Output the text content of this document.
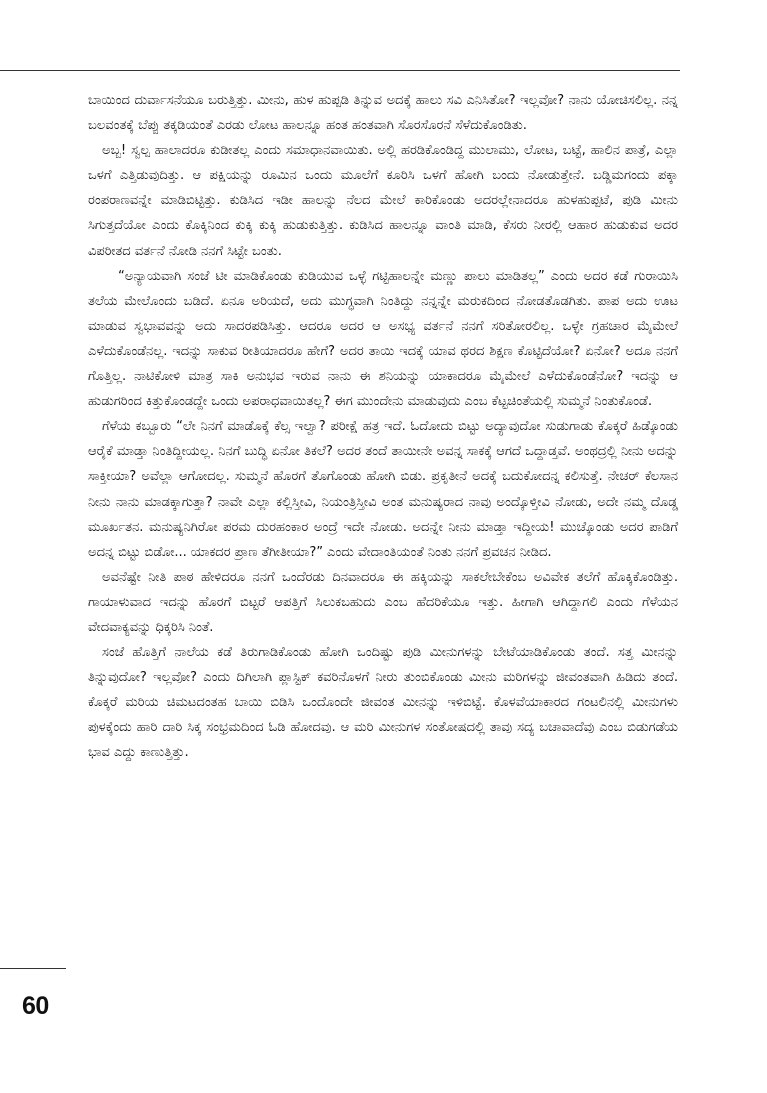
ಬಾಯಿಂದ ದುರ್ವಾಸನೆಯೂ ಬರುತ್ತಿತ್ತು. ಮೀನು, ಹುಳ ಹುಪ್ಪಡಿ ತಿನ್ನುವ ಅದಕ್ಕೆ ಹಾಲು ಸವಿ ಎನಿಸಿತೋ? ಇಲ್ಲವೋ? ನಾನು ಯೋಚಿಸಲಿಲ್ಲ. ನನ್ನ ಬಲವಂತಕ್ಕೆ ಬೆಪ್ಪು ತಕ್ಕಡಿಯಂತೆ ಎರಡು ಲೋಟ ಹಾಲನ್ನೂ ಹಂತ ಹಂತವಾಗಿ ಸೊರಸೊರನೆ ಸೆಳೆದುಕೊಂಡಿತು.

ಅಬ್ಬ! ಸ್ವಲ್ಪ ಹಾಲಾದರೂ ಕುಡೀತಲ್ಲ ಎಂದು ಸಮಾಧಾನವಾಯಿತು. ಅಲ್ಲಿ ಹರಡಿಕೊಂಡಿದ್ದ ಮುಲಾಮು, ಲೋಟ, ಬಟ್ಟೆ, ಹಾಲಿನ ಪಾತ್ರೆ, ಎಲ್ಲಾ ಒಳಗೆ ಎತ್ತಿಡುವುದಿತ್ತು. ಆ ಪಕ್ಷಿಯನ್ನು ರೂಮಿನ ಒಂದು ಮೂಲೆಗೆ ಕೂರಿಸಿ ಒಳಗೆ ಹೋಗಿ ಬಂದು ನೋಡುತ್ತೇನೆ. ಬಡ್ಡಿಮಗಂದು ಪಕ್ಕಾ ರಂಪರಾಣವನ್ನೇ ಮಾಡಿಬಿಟ್ಟಿತ್ತು. ಕುಡಿಸಿದ ಇಡೀ ಹಾಲನ್ನು ನೆಲದ ಮೇಲೆ ಕಾರಿಕೊಂಡು ಅದರಲ್ಲೇನಾದರೂ ಹುಳಹುಪ್ಪಟೆ, ಪುಡಿ ಮೀನು ಸಿಗುತ್ತದೆಯೋ ಎಂದು ಕೊಕ್ಕಿನಿಂದ ಕುಕ್ಕಿ ಕುಕ್ಕಿ ಹುಡುಕುತ್ತಿತ್ತು. ಕುಡಿಸಿದ ಹಾಲನ್ನೂ ವಾಂತಿ ಮಾಡಿ, ಕೆಸರು ನೀರಲ್ಲಿ ಆಹಾರ ಹುಡುಕುವ ಅದರ ವಿಪರೀತದ ವರ್ತನೆ ನೋಡಿ ನನಗೆ ಸಿಟ್ಟೇ ಬಂತು.

“ಅನ್ಯಾಯವಾಗಿ ಸಂಜೆ ಟೀ ಮಾಡಿಕೊಂಡು ಕುಡಿಯುವ ಒಳ್ಳೆ ಗಟ್ಟಿಹಾಲನ್ನೇ ಮಣ್ಣು ಪಾಲು ಮಾಡಿತಲ್ಲ” ಎಂದು ಅದರ ಕಡೆ ಗುರಾಯಿಸಿ ತಲೆಯ ಮೇಲೊಂದು ಬಡಿದೆ. ಏನೂ ಅರಿಯದೆ, ಅದು ಮುಗ್ಧವಾಗಿ ನಿಂತಿದ್ದು ನನ್ನನ್ನೇ ಮರುಕದಿಂದ ನೋಡತೊಡಗಿತು. ಪಾಪ ಅದು ಊಟ ಮಾಡುವ ಸ್ವಭಾವವನ್ನು ಅದು ಸಾದರಪಡಿಸಿತ್ತು. ಆದರೂ ಅದರ ಆ ಅಸಭ್ಯ ವರ್ತನೆ ನನಗೆ ಸರಿತೋರಲಿಲ್ಲ. ಒಳ್ಳೇ ಗ್ರಹಚಾರ ಮೈಮೇಲೆ ಎಳೆದುಕೊಂಡೆನಲ್ಲ. ಇದನ್ನು ಸಾಕುವ ರೀತಿಯಾದರೂ ಹೇಗೆ? ಅದರ ತಾಯಿ ಇದಕ್ಕೆ ಯಾವ ಥರದ ಶಿಕ್ಷಣ ಕೊಟ್ಟಿದೆಯೋ? ಏನೋ? ಅದೂ ನನಗೆ ಗೊತ್ತಿಲ್ಲ. ನಾಟಿಕೋಳಿ ಮಾತ್ರ ಸಾಕಿ ಅನುಭವ ಇರುವ ನಾನು ಈ ಶನಿಯನ್ನು ಯಾಕಾದರೂ ಮೈಮೇಲೆ ಎಳೆದುಕೊಂಡೆನೋ? ಇದನ್ನು ಆ ಹುಡುಗರಿಂದ ಕಿತ್ತುಕೊಂಡದ್ದೇ ಒಂದು ಅಪರಾಧವಾಯಿತಲ್ಲ? ಈಗ ಮುಂದೇನು ಮಾಡುವುದು ಎಂಬ ಕೆಟ್ಟಚಿಂತೆಯಲ್ಲಿ ಸುಮ್ಮನೆ ನಿಂತುಕೊಂಡೆ.

ಗೆಳೆಯ ಕಬ್ಬೂರು “ಲೇ ನಿನಗೆ ಮಾಡೊಕ್ಕೆ ಕೆಲ್ಸ ಇಲ್ವಾ? ಪರೀಕ್ಷೆ ಹತ್ರ ಇದೆ. ಓದೋದು ಬಿಟ್ಟು ಅದ್ಯಾವುದೋ ಸುಡುಗಾಡು ಕೊಕ್ಕರೆ ಹಿಡ್ಕೊಂಡು ಆರೈಕೆ ಮಾಡ್ತಾ ನಿಂತಿದ್ದೀಯಲ್ಲ. ನಿನಗೆ ಬುದ್ಧಿ ಏನೋ ತಿಕಲೆ? ಅದರ ತಂದೆ ತಾಯೀನೇ ಅವನ್ನ ಸಾಕಕ್ಕೆ ಆಗದೆ ಒದ್ದಾಡ್ತವೆ. ಅಂಥದ್ರಲ್ಲಿ ನೀನು ಅದನ್ನು ಸಾಕ್ತೀಯಾ? ಅವೆಲ್ಲಾ ಆಗೋದಲ್ಲ. ಸುಮ್ಮನೆ ಹೊರಗೆ ತೊಗೊಂಡು ಹೋಗಿ ಬಿಡು. ಪ್ರಕೃತೀನೆ ಅದಕ್ಕೆ ಬದುಕೋದನ್ನ ಕಲಿಸುತ್ತೆ. ನೇಚರ್ ಕೆಲಸಾನ ನೀನು ನಾನು ಮಾಡಕ್ಕಾಗುತ್ತಾ? ನಾವೇ ಎಲ್ಲಾ ಕಲ್ಲಿಸ್ತೀವಿ, ನಿಯಂತ್ರಿಸ್ತೀವಿ ಅಂತ ಮನುಷ್ಯರಾದ ನಾವು ಅಂದ್ಕೊಳ್ತೀವಿ ನೋಡು, ಅದೇ ನಮ್ಮ ದೊಡ್ಡ ಮೂರ್ಖತನ. ಮನುಷ್ಯನಿಗಿರೋ ಪರಮ ದುರಹಂಕಾರ ಅಂದ್ರೆ ಇದೇ ನೋಡು. ಅದನ್ನೇ ನೀನು ಮಾಡ್ತಾ ಇದ್ದೀಯ! ಮುಚ್ಕೊಂಡು ಅದರ ಪಾಡಿಗೆ ಅದನ್ನ ಬಿಟ್ಟು ಬಿಡೋ... ಯಾಕದರ ಪ್ರಾಣ ತೆಗೀತೀಯಾ?” ಎಂದು ವೇದಾಂತಿಯಂತೆ ನಿಂತು ನನಗೆ ಪ್ರವಚನ ನೀಡಿದ.

ಅವನೆಷ್ಟೇ ನೀತಿ ಪಾಠ ಹೇಳಿದರೂ ನನಗೆ ಒಂದೆರಡು ದಿನವಾದರೂ ಈ ಹಕ್ಕಿಯನ್ನು ಸಾಕಲೇಬೇಕೆಂಬ ಅವಿವೇಕ ತಲೆಗೆ ಹೊಕ್ಕಿಕೊಂಡಿತ್ತು. ಗಾಯಾಳುವಾದ ಇದನ್ನು ಹೊರಗೆ ಬಿಟ್ಟರೆ ಆಪತ್ತಿಗೆ ಸಿಲುಕಬಹುದು ಎಂಬ ಹೆದರಿಕೆಯೂ ಇತ್ತು. ಹೀಗಾಗಿ ಆಗಿದ್ದಾಗಲಿ ಎಂದು ಗೆಳೆಯನ ವೇದವಾಕ್ಯವನ್ನು ಧಿಕ್ಕರಿಸಿ ನಿಂತೆ.

ಸಂಜೆ ಹೊತ್ತಿಗೆ ನಾಲೆಯ ಕಡೆ ತಿರುಗಾಡಿಕೊಂಡು ಹೋಗಿ ಒಂದಿಷ್ಟು ಪುಡಿ ಮೀನುಗಳನ್ನು ಬೇಟೆಯಾಡಿಕೊಂಡು ತಂದೆ. ಸತ್ತ ಮೀನನ್ನು ತಿನ್ನುವುದೋ? ಇಲ್ಲವೋ? ಎಂದು ದಿಗಿಲಾಗಿ ಪ್ಲಾಸ್ಟಿಕ್ ಕವರಿನೊಳಗೆ ನೀರು ತುಂಬಿಕೊಂಡು ಮೀನು ಮರಿಗಳನ್ನು ಜೀವಂತವಾಗಿ ಹಿಡಿದು ತಂದೆ. ಕೊಕ್ಕರೆ ಮರಿಯ ಚಿಮಟದಂತಹ ಬಾಯಿ ಬಿಡಿಸಿ ಒಂದೊಂದೇ ಜೀವಂತ ಮೀನನ್ನು ಇಳಿಬಿಟ್ಟೆ. ಕೊಳವೆಯಾಕಾರದ ಗಂಟಲಿನಲ್ಲಿ ಮೀನುಗಳು ಪುಳಕ್ಕೆಂದು ಹಾರಿ ದಾರಿ ಸಿಕ್ಕ ಸಂಭ್ರಮದಿಂದ ಓಡಿ ಹೋದವು. ಆ ಮರಿ ಮೀನುಗಳ ಸಂತೋಷದಲ್ಲಿ ತಾವು ಸದ್ಯ ಬಚಾವಾದೆವು ಎಂಬ ಬಿಡುಗಡೆಯ ಭಾವ ಎದ್ದು ಕಾಣುತ್ತಿತ್ತು.

60
